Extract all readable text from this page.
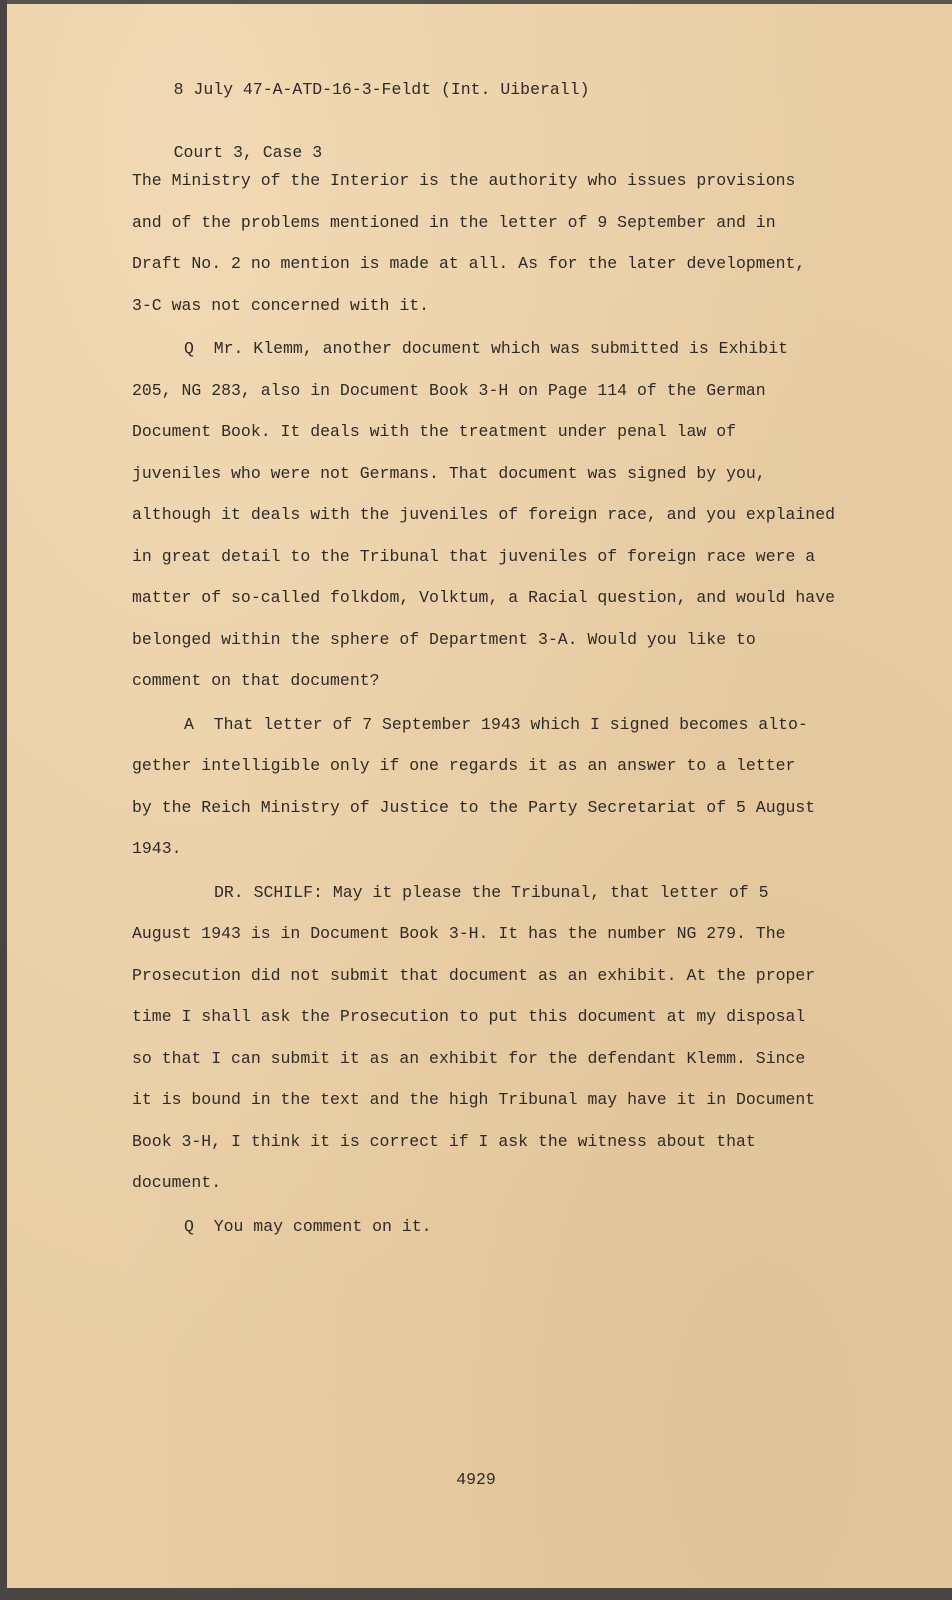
8 July 47-A-ATD-16-3-Feldt (Int. Uiberall)

Court 3, Case 3

The Ministry of the Interior is the authority who issues provisions
and of the problems mentioned in the letter of 9 September and in
Draft No. 2 no mention is made at all. As for the later development,
3-C was not concerned with it.
Q  Mr. Klemm, another document which was submitted is Exhibit
205, NG 283, also in Document Book 3-H on Page 114 of the German
Document Book. It deals with the treatment under penal law of
juveniles who were not Germans. That document was signed by you,
although it deals with the juveniles of foreign race, and you explained
in great detail to the Tribunal that juveniles of foreign race were a
matter of so-called folkdom, Volktum, a Racial question, and would have
belonged within the sphere of Department 3-A. Would you like to
comment on that document?
A  That letter of 7 September 1943 which I signed becomes alto-
gether intelligible only if one regards it as an answer to a letter
by the Reich Ministry of Justice to the Party Secretariat of 5 August
1943.
DR. SCHILF: May it please the Tribunal, that letter of 5
August 1943 is in Document Book 3-H. It has the number NG 279. The
Prosecution did not submit that document as an exhibit. At the proper
time I shall ask the Prosecution to put this document at my disposal
so that I can submit it as an exhibit for the defendant Klemm. Since
it is bound in the text and the high Tribunal may have it in Document
Book 3-H, I think it is correct if I ask the witness about that
document.
Q  You may comment on it.
4929
